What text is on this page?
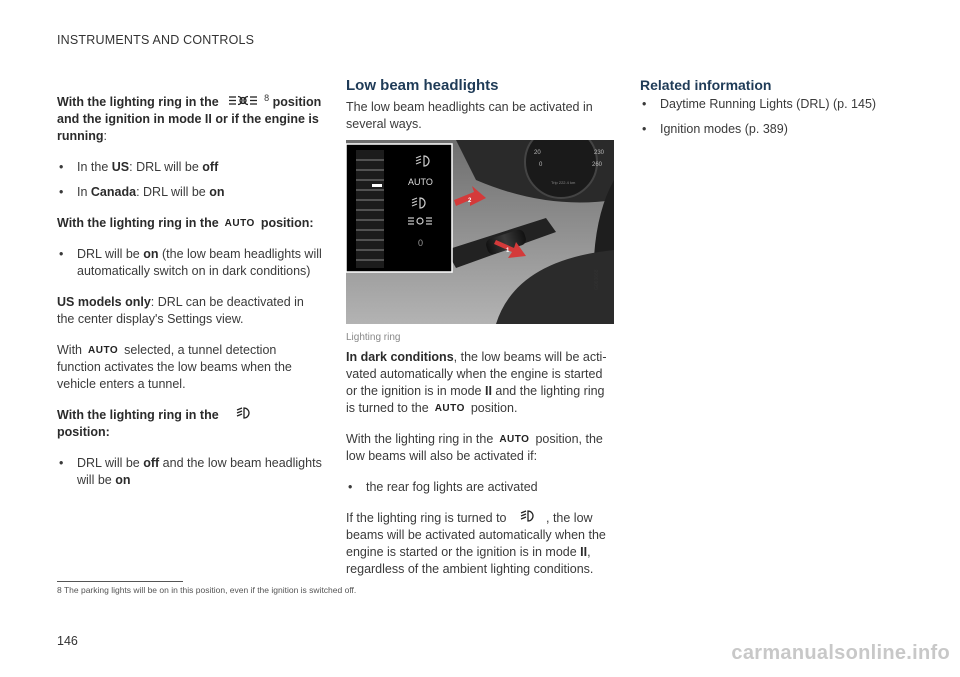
INSTRUMENTS AND CONTROLS

With the lighting ring in the	$^8$ position and the ignition in mode II or if the engine is running:

• In the US: DRL will be off
• In Canada: DRL will be on

With the lighting ring in the AUTO position:

• DRL will be on (the low beam headlights will automatically switch on in dark conditions)

US models only: DRL can be deactivated in the center display's Settings view.

With AUTO selected, a tunnel detection function activates the low beams when the vehicle enters a tunnel.

With the lighting ring in the  position:

• DRL will be off and the low beam headlights will be on
Low beam headlights

The low beam headlights can be activated in several ways.

20	230
0	260
Trip 222.4 km
2
1
AUTO
0
G060668
Lighting ring

In dark conditions, the low beams will be acti-vated automatically when the engine is started or the ignition is in mode II and the lighting ring is turned to the AUTO position.

With the lighting ring in the AUTO position, the low beams will also be activated if:

• the rear fog lights are activated

If the lighting ring is turned to	, the low beams will be activated automatically when the engine is started or the ignition is in mode II, regardless of the ambient lighting conditions.

Related information
• Daytime Running Lights (DRL) (p. 145)
• Ignition modes (p. 389)
8 The parking lights will be on in this position, even if the ignition is switched off.
146
carmanualsonline.info
